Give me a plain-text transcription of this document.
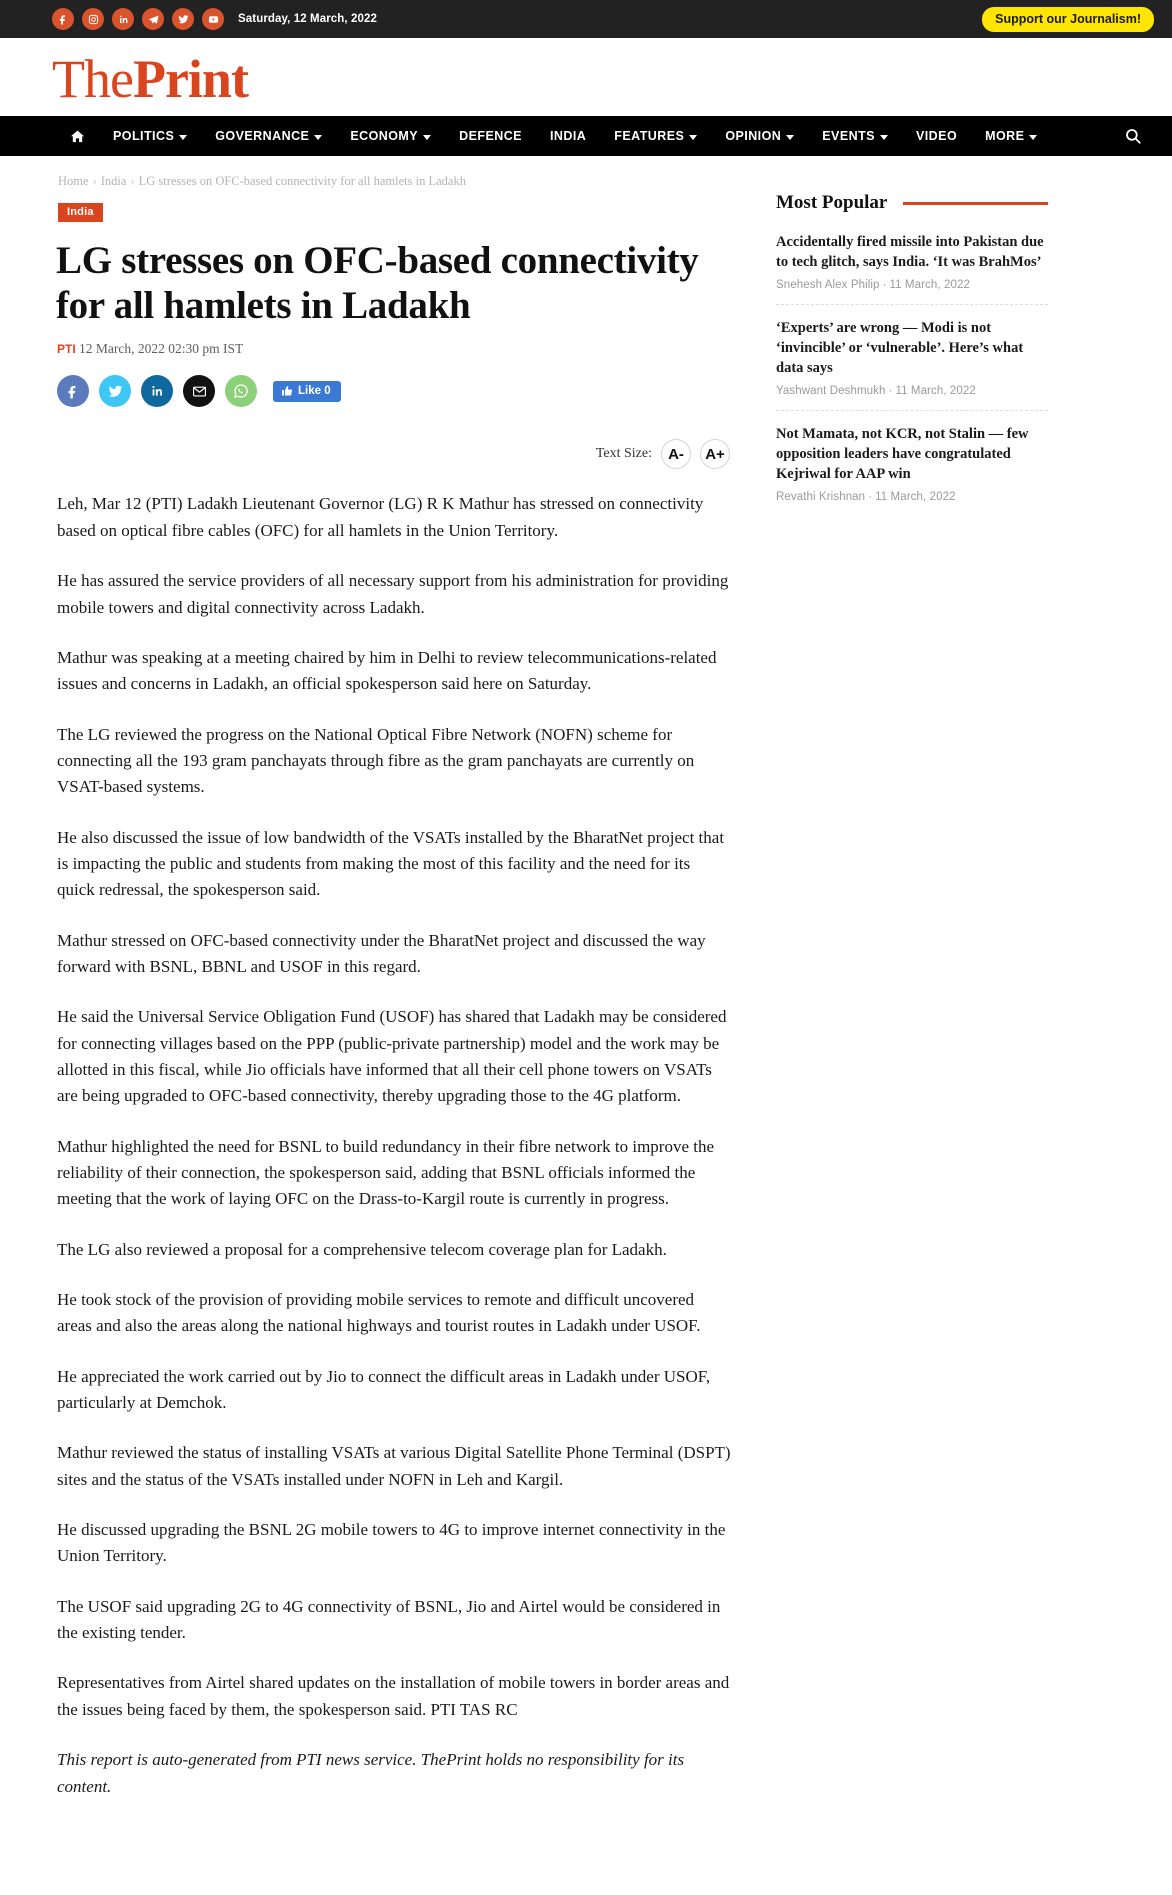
Saturday, 12 March, 2022	Support our Journalism!
ThePrint
POLITICS	GOVERNANCE	ECONOMY	DEFENCE INDIA FEATURES	OPINION	EVENTS	VIDEO MORE
Home › India › LG stresses on OFC-based connectivity for all hamlets in Ladakh
India
LG stresses on OFC-based connectivity for all hamlets in Ladakh
PTI 12 March, 2022 02:30 pm IST
Like 0
Text Size:	A-	A+

Leh, Mar 12 (PTI) Ladakh Lieutenant Governor (LG) R K Mathur has stressed on connectivity based on optical fibre cables (OFC) for all hamlets in the Union Territory.

He has assured the service providers of all necessary support from his administration for providing mobile towers and digital connectivity across Ladakh.

Mathur was speaking at a meeting chaired by him in Delhi to review telecommunications-related issues and concerns in Ladakh, an official spokesperson said here on Saturday.

The LG reviewed the progress on the National Optical Fibre Network (NOFN) scheme for connecting all the 193 gram panchayats through fibre as the gram panchayats are currently on VSAT-based systems.

He also discussed the issue of low bandwidth of the VSATs installed by the BharatNet project that is impacting the public and students from making the most of this facility and the need for its quick redressal, the spokesperson said.

Mathur stressed on OFC-based connectivity under the BharatNet project and discussed the way forward with BSNL, BBNL and USOF in this regard.

He said the Universal Service Obligation Fund (USOF) has shared that Ladakh may be considered for connecting villages based on the PPP (public-private partnership) model and the work may be allotted in this fiscal, while Jio officials have informed that all their cell phone towers on VSATs are being upgraded to OFC-based connectivity, thereby upgrading those to the 4G platform.

Mathur highlighted the need for BSNL to build redundancy in their fibre network to improve the reliability of their connection, the spokesperson said, adding that BSNL officials informed the meeting that the work of laying OFC on the Drass-to-Kargil route is currently in progress.

The LG also reviewed a proposal for a comprehensive telecom coverage plan for Ladakh.

He took stock of the provision of providing mobile services to remote and difficult uncovered areas and also the areas along the national highways and tourist routes in Ladakh under USOF.

He appreciated the work carried out by Jio to connect the difficult areas in Ladakh under USOF, particularly at Demchok.

Mathur reviewed the status of installing VSATs at various Digital Satellite Phone Terminal (DSPT) sites and the status of the VSATs installed under NOFN in Leh and Kargil.

He discussed upgrading the BSNL 2G mobile towers to 4G to improve internet connectivity in the Union Territory.

The USOF said upgrading 2G to 4G connectivity of BSNL, Jio and Airtel would be considered in the existing tender.

Representatives from Airtel shared updates on the installation of mobile towers in border areas and the issues being faced by them, the spokesperson said. PTI TAS RC

This report is auto-generated from PTI news service. ThePrint holds no responsibility for its content.

Most Popular
Accidentally fired missile into Pakistan due to tech glitch, says India. ‘It was BrahMos’
Snehesh Alex Philip · 11 March, 2022
‘Experts’ are wrong — Modi is not ‘invincible’ or ‘vulnerable’. Here’s what data says
Yashwant Deshmukh · 11 March, 2022
Not Mamata, not KCR, not Stalin — few opposition leaders have congratulated Kejriwal for AAP win
Revathi Krishnan · 11 March, 2022
